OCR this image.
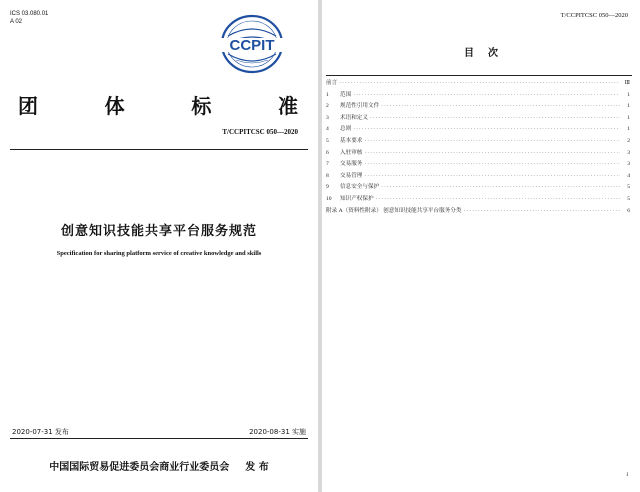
ICS 03.080.01
A 02
CCPIT
团	体	标	准
T/CCPITCSC 050—2020
创意知识技能共享平台服务规范
Specification for sharing platform service of creative knowledge and skills
2020-07-31 发布	2020-08-31 实施
中国国际贸易促进委员会商业行业委员会 发 布
T/CCPITCSC 050—2020
目次
前言 ·····	Ⅲ
1	范围 ·····	1
2	规范性引用文件 ·····	1
3	术语和定义 ·····	1
4	总则 ·····	1
5	基本要求 ·····	2
6	入驻审核 ·····	3
7	交易服务 ·····	3
8	交易管理 ·····	4
9	信息安全与保护 ·····	5
10	知识产权保护 ·····	5
附录 A（资料性附录） 创意知识技能共享平台服务分类 ·····	6
I
